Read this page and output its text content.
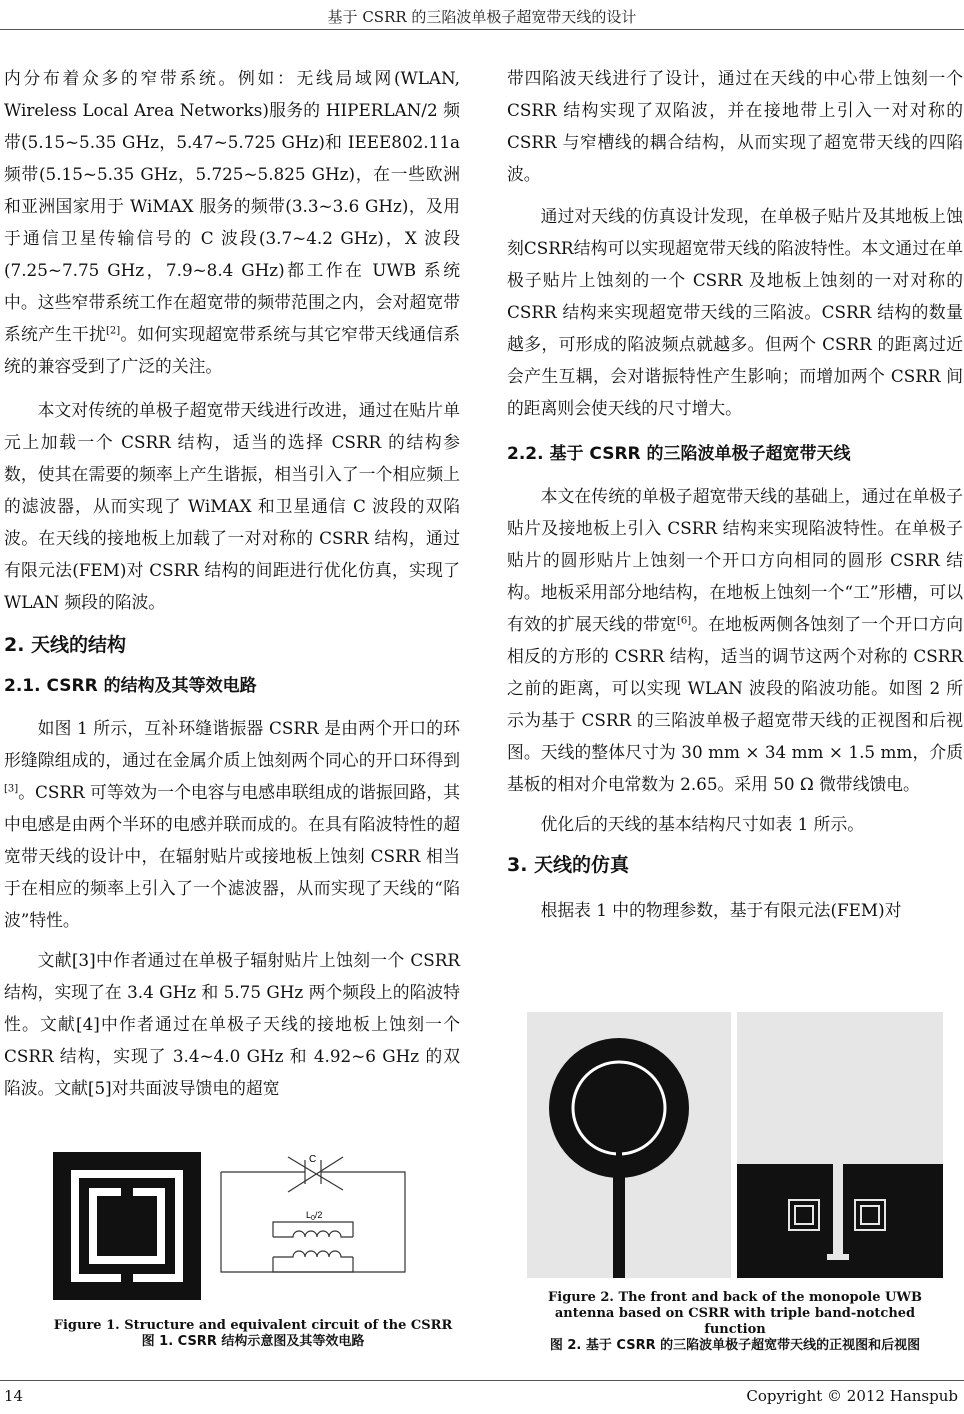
基于 CSRR 的三陷波单极子超宽带天线的设计

内分布着众多的窄带系统。例如：无线局域网(WLAN, Wireless Local Area Networks)服务的 HIPERLAN/2 频带(5.15~5.35 GHz，5.47~5.725 GHz)和 IEEE802.11a 频带(5.15~5.35 GHz，5.725~5.825 GHz)，在一些欧洲和亚洲国家用于 WiMAX 服务的频带(3.3~3.6 GHz)，及用于通信卫星传输信号的 C 波段(3.7~4.2 GHz)，X 波段(7.25~7.75 GHz，7.9~8.4 GHz)都工作在 UWB 系统中。这些窄带系统工作在超宽带的频带范围之内，会对超宽带系统产生干扰[2]。如何实现超宽带系统与其它窄带天线通信系统的兼容受到了广泛的关注。

本文对传统的单极子超宽带天线进行改进，通过在贴片单元上加载一个 CSRR 结构，适当的选择 CSRR 的结构参数，使其在需要的频率上产生谐振，相当引入了一个相应频上的滤波器，从而实现了 WiMAX 和卫星通信 C 波段的双陷波。在天线的接地板上加载了一对对称的 CSRR 结构，通过有限元法(FEM)对 CSRR 结构的间距进行优化仿真，实现了 WLAN 频段的陷波。

2. 天线的结构
2.1. CSRR 的结构及其等效电路

如图 1 所示，互补环缝谐振器 CSRR 是由两个开口的环形缝隙组成的，通过在金属介质上蚀刻两个同心的开口环得到[3]。CSRR 可等效为一个电容与电感串联组成的谐振回路，其中电感是由两个半环的电感并联而成的。在具有陷波特性的超宽带天线的设计中，在辐射贴片或接地板上蚀刻 CSRR 相当于在相应的频率上引入了一个滤波器，从而实现了天线的“陷波”特性。

文献[3]中作者通过在单极子辐射贴片上蚀刻一个 CSRR 结构，实现了在 3.4 GHz 和 5.75 GHz 两个频段上的陷波特性。文献[4]中作者通过在单极子天线的接地板上蚀刻一个 CSRR 结构，实现了 3.4~4.0 GHz 和 4.92~6 GHz 的双陷波。文献[5]对共面波导馈电的超宽

带四陷波天线进行了设计，通过在天线的中心带上蚀刻一个 CSRR 结构实现了双陷波，并在接地带上引入一对对称的 CSRR 与窄槽线的耦合结构，从而实现了超宽带天线的四陷波。

通过对天线的仿真设计发现，在单极子贴片及其地板上蚀刻CSRR结构可以实现超宽带天线的陷波特性。本文通过在单极子贴片上蚀刻的一个 CSRR 及地板上蚀刻的一对对称的 CSRR 结构来实现超宽带天线的三陷波。CSRR 结构的数量越多，可形成的陷波频点就越多。但两个 CSRR 的距离过近会产生互耦，会对谐振特性产生影响；而增加两个 CSRR 间的距离则会使天线的尺寸增大。

2.2. 基于 CSRR 的三陷波单极子超宽带天线

本文在传统的单极子超宽带天线的基础上，通过在单极子贴片及接地板上引入 CSRR 结构来实现陷波特性。在单极子贴片的圆形贴片上蚀刻一个开口方向相同的圆形 CSRR 结构。地板采用部分地结构，在地板上蚀刻一个“工”形槽，可以有效的扩展天线的带宽[6]。在地板两侧各蚀刻了一个开口方向相反的方形的 CSRR 结构，适当的调节这两个对称的 CSRR 之前的距离，可以实现 WLAN 波段的陷波功能。如图 2 所示为基于 CSRR 的三陷波单极子超宽带天线的正视图和后视图。天线的整体尺寸为 30 mm × 34 mm × 1.5 mm，介质基板的相对介电常数为 2.65。采用 50 Ω 微带线馈电。

优化后的天线的基本结构尺寸如表 1 所示。

3. 天线的仿真

根据表 1 中的物理参数，基于有限元法(FEM)对

C
$L_0/2$
Figure 1. Structure and equivalent circuit of the CSRR
图 1. CSRR 结构示意图及其等效电路
Figure 2. The front and back of the monopole UWB antenna based on CSRR with triple band-notched function
图 2. 基于 CSRR 的三陷波单极子超宽带天线的正视图和后视图
14	Copyright © 2012 Hanspub
